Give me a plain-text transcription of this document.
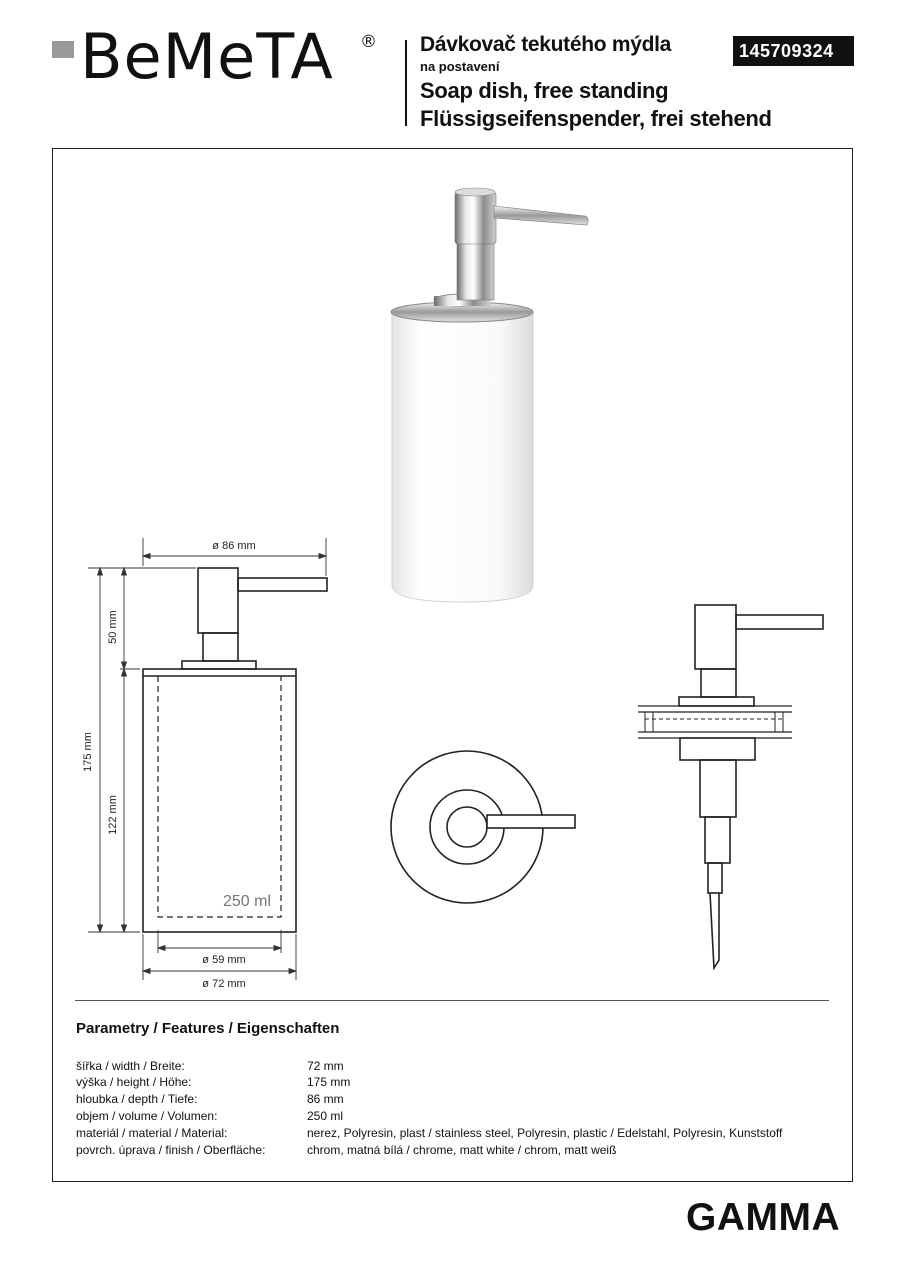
BeMeTA ® Dávkovač tekutého mýdla
na postavení
Soap dish, free standing
Flüssigseifenspender, frei stehend
145709324
ø 86 mm
50 mm
175 mm
122 mm
250 ml
ø 59 mm
ø 72 mm
Parametry / Features / Eigenschaften
šířka / width / Breite:	72 mm
výška / height / Höhe:	175 mm
hloubka / depth / Tiefe:	86 mm
objem / volume / Volumen:	250 ml
materiál / material / Material:	nerez, Polyresin, plast / stainless steel, Polyresin, plastic / Edelstahl, Polyresin, Kunststoff
povrch. úprava / finish / Oberfläche:	chrom, matná bílá / chrome, matt white / chrom, matt weiß
GAMMA
